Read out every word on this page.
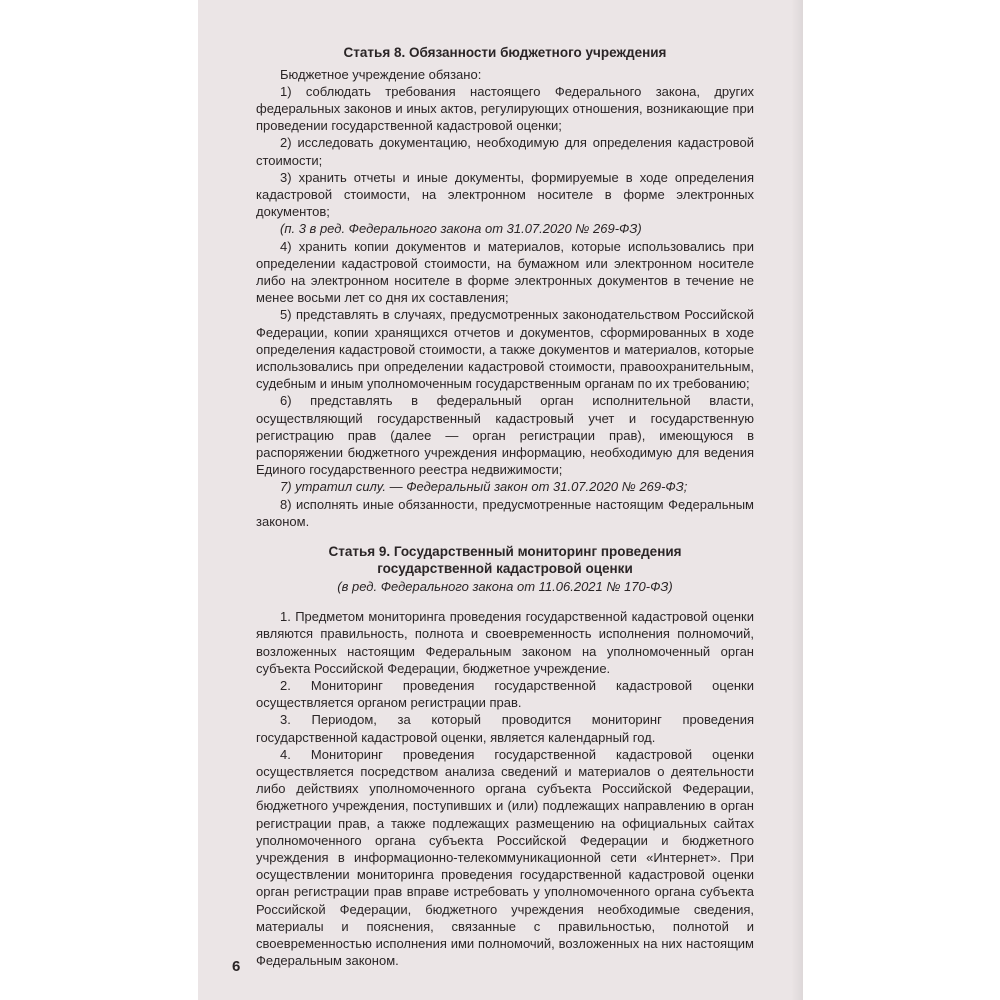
Статья 8. Обязанности бюджетного учреждения

Бюджетное учреждение обязано:

1) соблюдать требования настоящего Федерального закона, других федеральных законов и иных актов, регулирующих отношения, возникающие при проведении государственной кадастровой оценки;

2) исследовать документацию, необходимую для определения кадастровой стоимости;

3) хранить отчеты и иные документы, формируемые в ходе определения кадастровой стоимости, на электронном носителе в форме электронных документов;

(п. 3 в ред. Федерального закона от 31.07.2020 № 269-ФЗ)

4) хранить копии документов и материалов, которые использовались при определении кадастровой стоимости, на бумажном или электронном носителе либо на электронном носителе в форме электронных документов в течение не менее восьми лет со дня их составления;

5) представлять в случаях, предусмотренных законодательством Российской Федерации, копии хранящихся отчетов и документов, сформированных в ходе определения кадастровой стоимости, а также документов и материалов, которые использовались при определении кадастровой стоимости, правоохранительным, судебным и иным уполномоченным государственным органам по их требованию;

6) представлять в федеральный орган исполнительной власти, осуществляющий государственный кадастровый учет и государственную регистрацию прав (далее — орган регистрации прав), имеющуюся в распоряжении бюджетного учреждения информацию, необходимую для ведения Единого государственного реестра недвижимости;

7) утратил силу. — Федеральный закон от 31.07.2020 № 269-ФЗ;

8) исполнять иные обязанности, предусмотренные настоящим Федеральным законом.

Статья 9. Государственный мониторинг проведения

государственной кадастровой оценки

(в ред. Федерального закона от 11.06.2021 № 170-ФЗ)

1. Предметом мониторинга проведения государственной кадастровой оценки являются правильность, полнота и своевременность исполнения полномочий, возложенных настоящим Федеральным законом на уполномоченный орган субъекта Российской Федерации, бюджетное учреждение.

2. Мониторинг проведения государственной кадастровой оценки осуществляется органом регистрации прав.

3. Периодом, за который проводится мониторинг проведения государственной кадастровой оценки, является календарный год.

4. Мониторинг проведения государственной кадастровой оценки осуществляется посредством анализа сведений и материалов о деятельности либо действиях уполномоченного органа субъекта Российской Федерации, бюджетного учреждения, поступивших и (или) подлежащих направлению в орган регистрации прав, а также подлежащих размещению на официальных сайтах уполномоченного органа субъекта Российской Федерации и бюджетного учреждения в информационно-телекоммуникационной сети «Интернет». При осуществлении мониторинга проведения государственной кадастровой оценки орган регистрации прав вправе истребовать у уполномоченного органа субъекта Российской Федерации, бюджетного учреждения необходимые сведения, материалы и пояснения, связанные с правильностью, полнотой и своевременностью исполнения ими полномочий, возложенных на них настоящим Федеральным законом.

6
